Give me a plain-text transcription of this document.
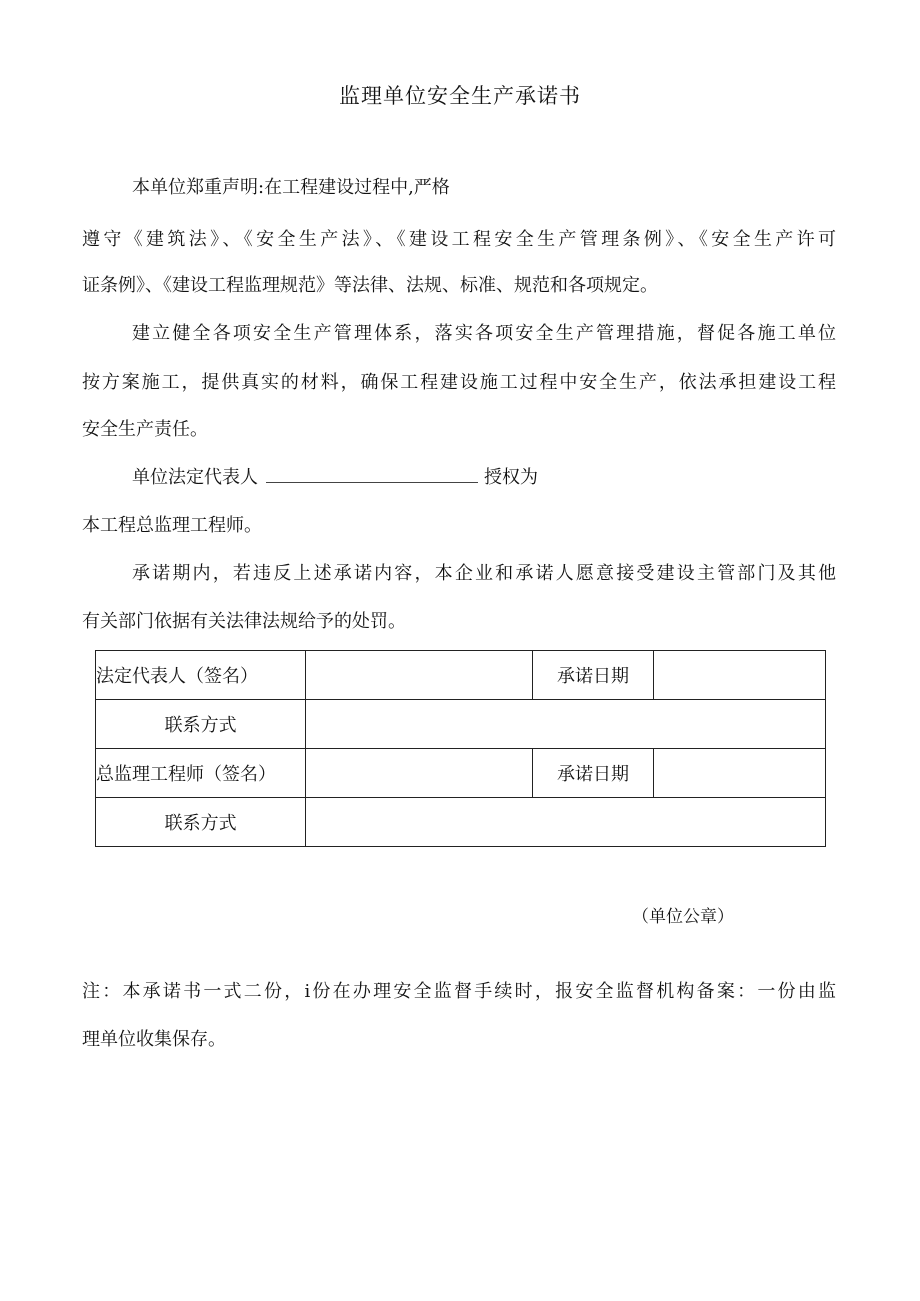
监理单位安全生产承诺书
本单位郑重声明:在工程建设过程中,严格
遵守《建筑法》、《安全生产法》、《建设工程安全生产管理条例》、《安全生产许可
证条例》、《建设工程监理规范》等法律、法规、标准、规范和各项规定。
建立健全各项安全生产管理体系，落实各项安全生产管理措施，督促各施工单位
按方案施工，提供真实的材料，确保工程建设施工过程中安全生产，依法承担建设工程
安全生产责任。
单位法定代表人	授权为
本工程总监理工程师。
承诺期内，若违反上述承诺内容，本企业和承诺人愿意接受建设主管部门及其他
有关部门依据有关法律法规给予的处罚。
法定代表人（签名）		承诺日期	
联系方式			
总监理工程师（签名）		承诺日期	
联系方式			
（单位公章）
注：本承诺书一式二份，i份在办理安全监督手续时，报安全监督机构备案：一份由监
理单位收集保存。
